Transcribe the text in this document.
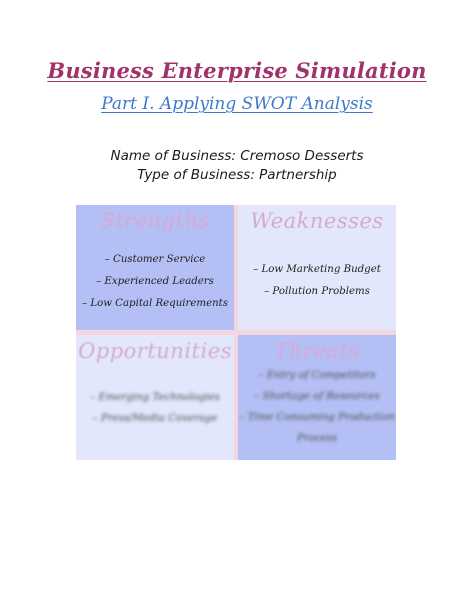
Business Enterprise Simulation
Part I. Applying SWOT Analysis
Name of Business: Cremoso Desserts
Type of Business: Partnership
Strengths
– Customer Service
– Experienced Leaders
– Low Capital Requirements
Weaknesses
– Low Marketing Budget
– Pollution Problems
Opportunities
– Emerging Technologies
– Press/Media Coverage
Threats
– Entry of Competitors
– Shortage of Resources
– Time Consuming Production
Process
